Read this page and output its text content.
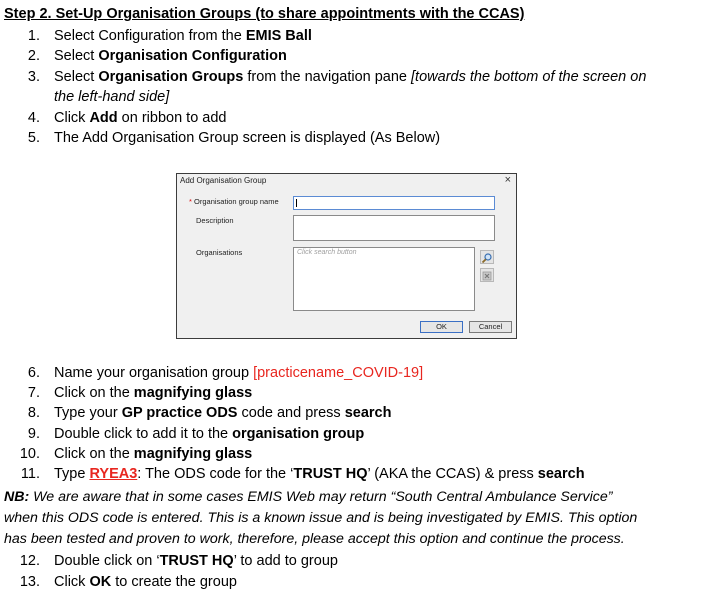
Step 2. Set-Up Organisation Groups (to share appointments with the CCAS)
1. Select Configuration from the EMIS Ball
2. Select Organisation Configuration
3. Select Organisation Groups from the navigation pane [towards the bottom of the screen on
the left-hand side]
4. Click Add on ribbon to add
5. The Add Organisation Group screen is displayed (As Below)
Add Organisation Group	×
* Organisation group name
Description
Organisations	Click search button
OK	Cancel
6. Name your organisation group [practicename_COVID-19]
7. Click on the magnifying glass
8. Type your GP practice ODS code and press search
9. Double click to add it to the organisation group
10. Click on the magnifying glass
11. Type RYEA3: The ODS code for the ‘TRUST HQ’ (AKA the CCAS) & press search
NB: We are aware that in some cases EMIS Web may return “South Central Ambulance Service”
when this ODS code is entered. This is a known issue and is being investigated by EMIS. This option
has been tested and proven to work, therefore, please accept this option and continue the process.
12. Double click on ‘TRUST HQ’ to add to group
13. Click OK to create the group
